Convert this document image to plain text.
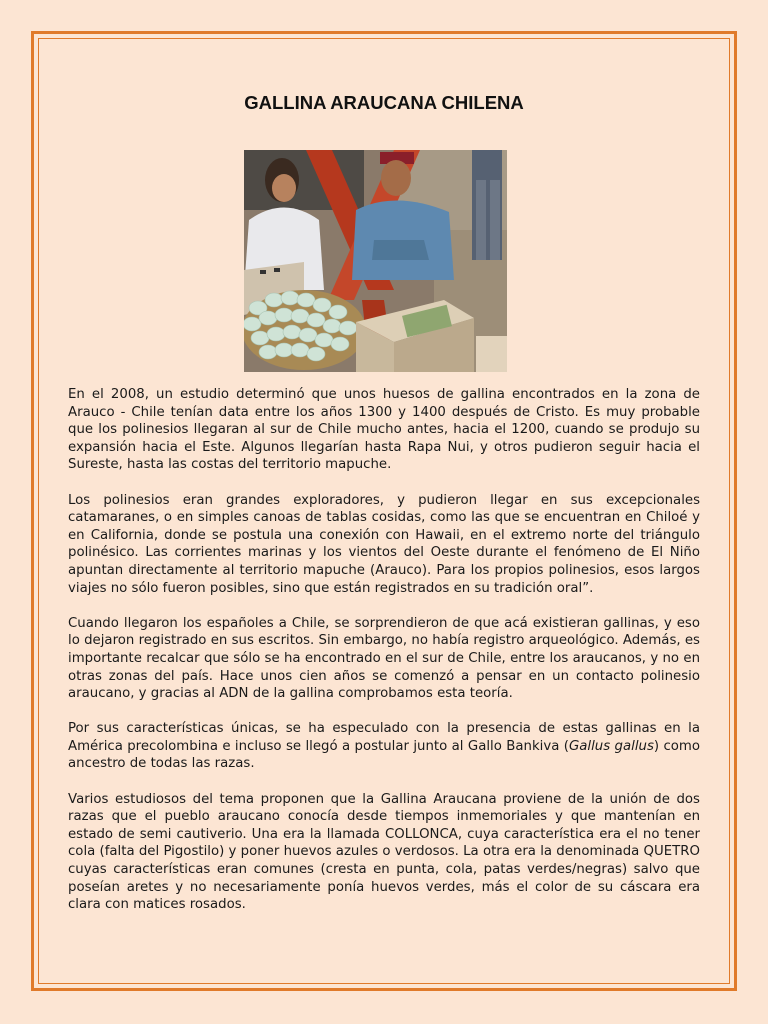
GALLINA ARAUCANA CHILENA

En el 2008, un estudio determinó que unos huesos de gallina encontrados en la zona de Arauco - Chile tenían data entre los años 1300 y 1400 después de Cristo. Es muy probable que los polinesios llegaran al sur de Chile mucho antes, hacia el 1200, cuando se produjo su expansión hacia el Este. Algunos llegarían hasta Rapa Nui, y otros pudieron seguir hacia el Sureste, hasta las costas del territorio mapuche.

Los polinesios eran grandes exploradores, y pudieron llegar en sus excepcionales catamaranes, o en simples canoas de tablas cosidas, como las que se encuentran en Chiloé y en California, donde se postula una conexión con Hawaii, en el extremo norte del triángulo polinésico. Las corrientes marinas y los vientos del Oeste durante el fenómeno de El Niño apuntan directamente al territorio mapuche (Arauco). Para los propios polinesios, esos largos viajes no sólo fueron posibles, sino que están registrados en su tradición oral”.

Cuando llegaron los españoles a Chile, se sorprendieron de que acá existieran gallinas, y eso lo dejaron registrado en sus escritos. Sin embargo, no había registro arqueológico. Además, es importante recalcar que sólo se ha encontrado en el sur de Chile, entre los araucanos, y no en otras zonas del país. Hace unos cien años se comenzó a pensar en un contacto polinesio araucano, y gracias al ADN de la gallina comprobamos esta teoría.

Por sus características únicas, se ha especulado con la presencia de estas gallinas en la América precolombina e incluso se llegó a postular junto al Gallo Bankiva (Gallus gallus) como ancestro de todas las razas.

Varios estudiosos del tema proponen que la Gallina Araucana proviene de la unión de dos razas que el pueblo araucano conocía desde tiempos inmemoriales y que mantenían en estado de semi cautiverio. Una era la llamada COLLONCA, cuya característica era el no tener cola (falta del Pigostilo) y poner huevos azules o verdosos. La otra era la denominada QUETRO cuyas características eran comunes (cresta en punta, cola, patas verdes/negras) salvo que poseían aretes y no necesariamente ponía huevos verdes, más el color de su cáscara era clara con matices rosados.
